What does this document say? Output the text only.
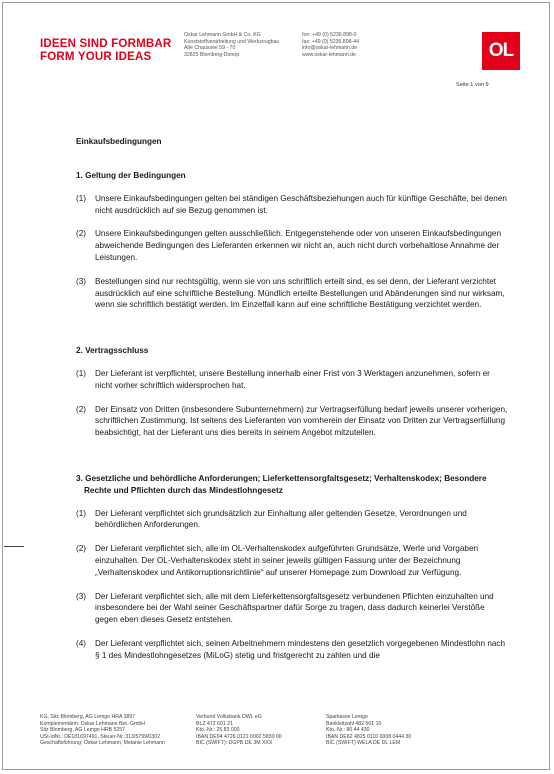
IDEEN SIND FORMBAR
FORM YOUR IDEAS
Oskar Lehmann GmbH & Co. KG
Kunststoffverarbeitung und Werkzeugbau
Alte Chaussee 59 - 70
32825 Blomberg-Donop
fon: +49 (0) 5236.898-0
fax: +49 (0) 5236.898-44
info@oskar-lehmann.de
www.oskar-lehmann.de	OL
Seite 1 von 9
Einkaufsbedingungen
1. Geltung der Bedingungen
(1)	Unsere Einkaufsbedingungen gelten bei ständigen Geschäftsbeziehungen auch für künftige Geschäfte, bei denen nicht ausdrücklich auf sie Bezug genommen ist.
(2)	Unsere Einkaufsbedingungen gelten ausschließlich. Entgegenstehende oder von unseren Einkaufsbedingungen abweichende Bedingungen des Lieferanten erkennen wir nicht an, auch nicht durch vorbehaltlose Annahme der Leistungen.
(3)	Bestellungen sind nur rechtsgültig, wenn sie von uns schriftlich erteilt sind, es sei denn, der Lieferant verzichtet ausdrücklich auf eine schriftliche Bestellung. Mündlich erteilte Bestellungen und Abänderungen sind nur wirksam, wenn sie schriftlich bestätigt werden. Im Einzelfall kann auf eine schriftliche Bestätigung verzichtet werden.
2. Vertragsschluss
(1)	Der Lieferant ist verpflichtet, unsere Bestellung innerhalb einer Frist von 3 Werktagen anzunehmen, sofern er nicht vorher schriftlich widersprochen hat.
(2)	Der Einsatz von Dritten (insbesondere Subunternehmern) zur Vertragserfüllung bedarf jeweils unserer vorherigen, schriftlichen Zustimmung. Ist seitens des Lieferanten von vornherein der Einsatz von Dritten zur Vertragserfüllung beabsichtigt, hat der Lieferant uns dies bereits in seinem Angebot mitzuteilen.
3. Gesetzliche und behördliche Anforderungen; Lieferkettensorgfaltsgesetz; Verhaltenskodex; Besondere
Rechte und Pflichten durch das Mindestlohngesetz
(1)	Der Lieferant verpflichtet sich grundsätzlich zur Einhaltung aller geltenden Gesetze, Verordnungen und behördlichen Anforderungen.
(2)	Der Lieferant verpflichtet sich, alle im OL-Verhaltenskodex aufgeführten Grundsätze, Werte und Vorgaben einzuhalten. Der OL-Verhaltenskodex steht in seiner jeweils gültigen Fassung unter der Bezeichnung „Verhaltenskodex und Antikorruptionsrichtlinie“ auf unserer Homepage zum Download zur Verfügung.
(3)	Der Lieferant verpflichtet sich, alle mit dem Lieferkettensorgfaltsgesetz verbundenen Pflichten einzuhalten und insbesondere bei der Wahl seiner Geschäftspartner dafür Sorge zu tragen, dass dadurch keinerlei Verstöße gegen eben dieses Gesetz entstehen.
(4)	Der Lieferant verpflichtet sich, seinen Arbeitnehmern mindestens den gesetzlich vorgegebenen Mindestlohn nach § 1 des Mindestlohngesetzes (MiLoG) stetig und fristgerecht zu zahlen und die
KG, Sitz Blomberg, AG Lemgo HRA 3897
Komplementärin: Oskar Lehmann Bet.-GmbH
Sitz Blomberg, AG Lemgo HRB 5257
USt-IdNr.: DE181697491, Steuer-Nr.:313/5799/0302
Geschäftsführung: Oskar Lehmann, Melanie Lehmann
Verbund Volksbank OWL eG
BLZ 472 601 21
Kto.-Nr.: 25 83 000
IBAN DE94 4726 0121 0002 5830 00
BIC (SWIFT): DGPB DE 3M XXX
Sparkasse Lemgo
Bankleitzahl 482 501 10
Kto.-Nr.: 80 44 430
IBAN DE62 4825 0110 0008 0444 30
BIC (SWIFT) WELA DE DL LEM
